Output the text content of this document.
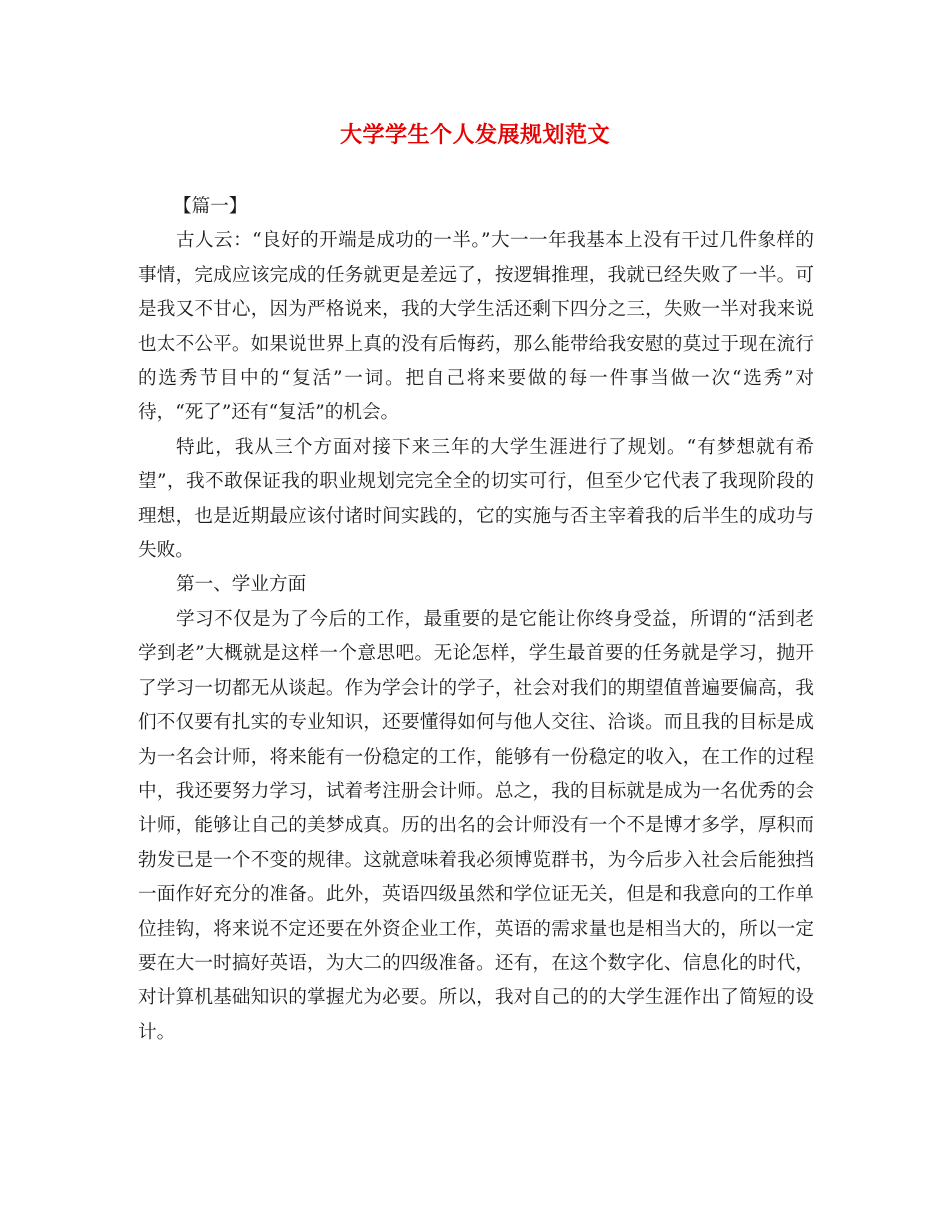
大学学生个人发展规划范文

【篇一】

古人云：“良好的开端是成功的一半。”大一一年我基本上没有干过几件象样的事情，完成应该完成的任务就更是差远了，按逻辑推理，我就已经失败了一半。可是我又不甘心，因为严格说来，我的大学生活还剩下四分之三，失败一半对我来说也太不公平。如果说世界上真的没有后悔药，那么能带给我安慰的莫过于现在流行的选秀节目中的“复活”一词。把自己将来要做的每一件事当做一次“选秀”对待，“死了”还有“复活”的机会。

特此，我从三个方面对接下来三年的大学生涯进行了规划。“有梦想就有希望”，我不敢保证我的职业规划完完全全的切实可行，但至少它代表了我现阶段的理想，也是近期最应该付诸时间实践的，它的实施与否主宰着我的后半生的成功与失败。

第一、学业方面

学习不仅是为了今后的工作，最重要的是它能让你终身受益，所谓的“活到老学到老”大概就是这样一个意思吧。无论怎样，学生最首要的任务就是学习，抛开了学习一切都无从谈起。作为学会计的学子，社会对我们的期望值普遍要偏高，我们不仅要有扎实的专业知识，还要懂得如何与他人交往、洽谈。而且我的目标是成为一名会计师，将来能有一份稳定的工作，能够有一份稳定的收入，在工作的过程中，我还要努力学习，试着考注册会计师。总之，我的目标就是成为一名优秀的会计师，能够让自己的美梦成真。历的出名的会计师没有一个不是博才多学，厚积而勃发已是一个不变的规律。这就意味着我必须博览群书，为今后步入社会后能独挡一面作好充分的准备。此外，英语四级虽然和学位证无关，但是和我意向的工作单位挂钩，将来说不定还要在外资企业工作，英语的需求量也是相当大的，所以一定要在大一时搞好英语，为大二的四级准备。还有，在这个数字化、信息化的时代，对计算机基础知识的掌握尤为必要。所以，我对自己的的大学生涯作出了简短的设计。
